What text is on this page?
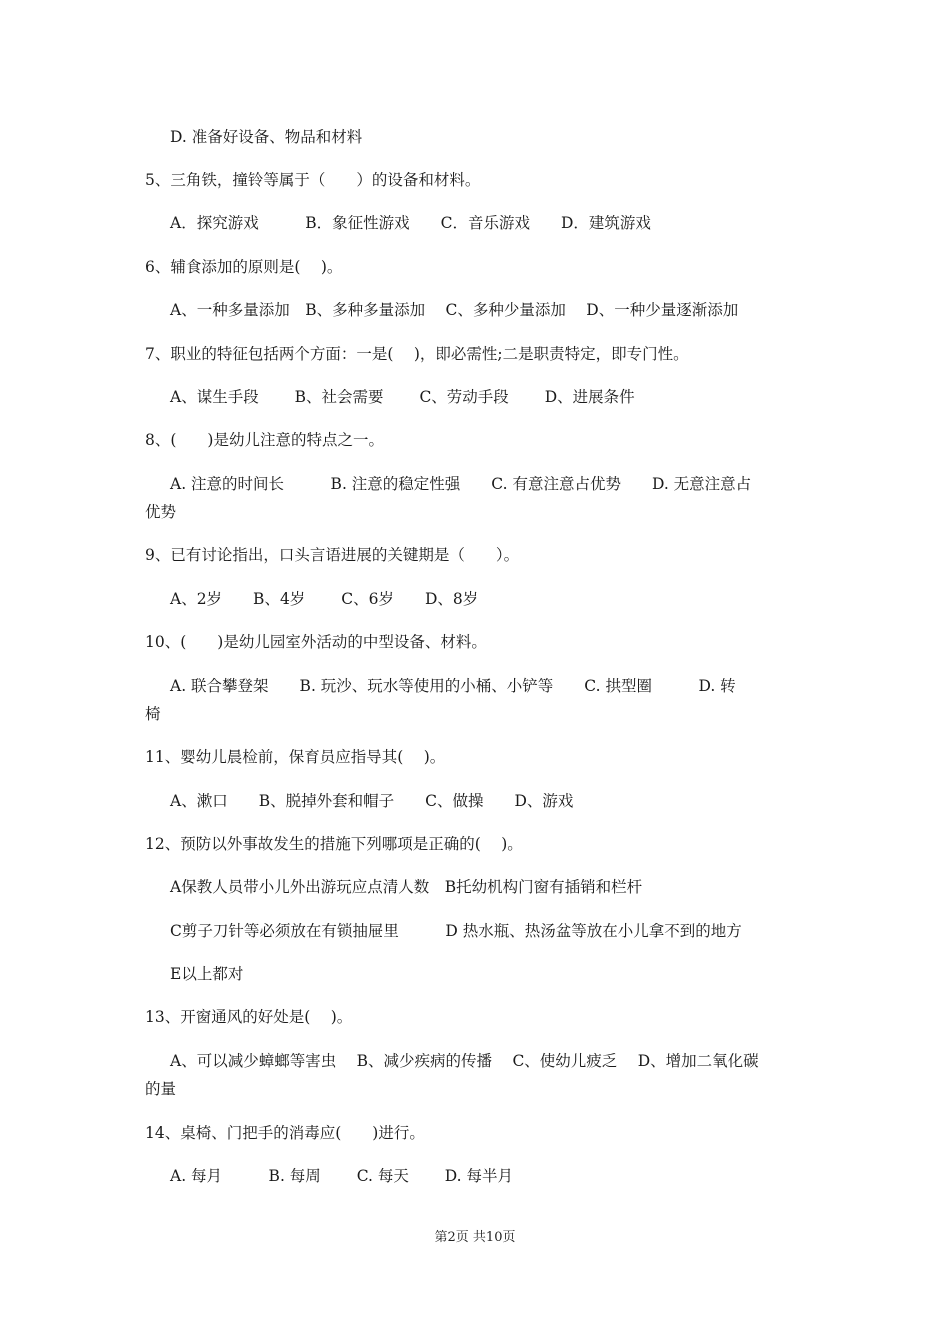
D. 准备好设备、物品和材料
5、三角铁，撞铃等属于（　　）的设备和材料。
A．探究游戏　　　B．象征性游戏　　C．音乐游戏　　D．建筑游戏
6、辅食添加的原则是(　 )。
A、一种多量添加　B、多种多量添加　 C、多种少量添加　 D、一种少量逐渐添加
7、职业的特征包括两个方面：一是(　 )，即必需性;二是职责特定，即专门性。
A、谋生手段　　 B、社会需要　　 C、劳动手段　　 D、进展条件
8、(　　)是幼儿注意的特点之一。
A. 注意的时间长　　　B. 注意的稳定性强　　C. 有意注意占优势　　D. 无意注意占
优势
9、已有讨论指出，口头言语进展的关键期是（　　）。
A、2岁　　B、4岁　　 C、6岁　　D、8岁
10、(　　)是幼儿园室外活动的中型设备、材料。
A. 联合攀登架　　B. 玩沙、玩水等使用的小桶、小铲等　　C. 拱型圈　　　D. 转
椅
11、婴幼儿晨检前，保育员应指导其(　 )。
A、漱口　　B、脱掉外套和帽子　　C、做操　　D、游戏
12、预防以外事故发生的措施下列哪项是正确的(　 )。
A保教人员带小儿外出游玩应点清人数　B托幼机构门窗有插销和栏杆
C剪子刀针等必须放在有锁抽屉里　　　D 热水瓶、热汤盆等放在小儿拿不到的地方
E以上都对
13、开窗通风的好处是(　 )。
A、可以减少蟑螂等害虫　 B、减少疾病的传播　 C、使幼儿疲乏　 D、增加二氧化碳
的量
14、桌椅、门把手的消毒应(　　)进行。
A. 每月　　　B. 每周　　 C. 每天　　 D. 每半月
第2页 共10页
